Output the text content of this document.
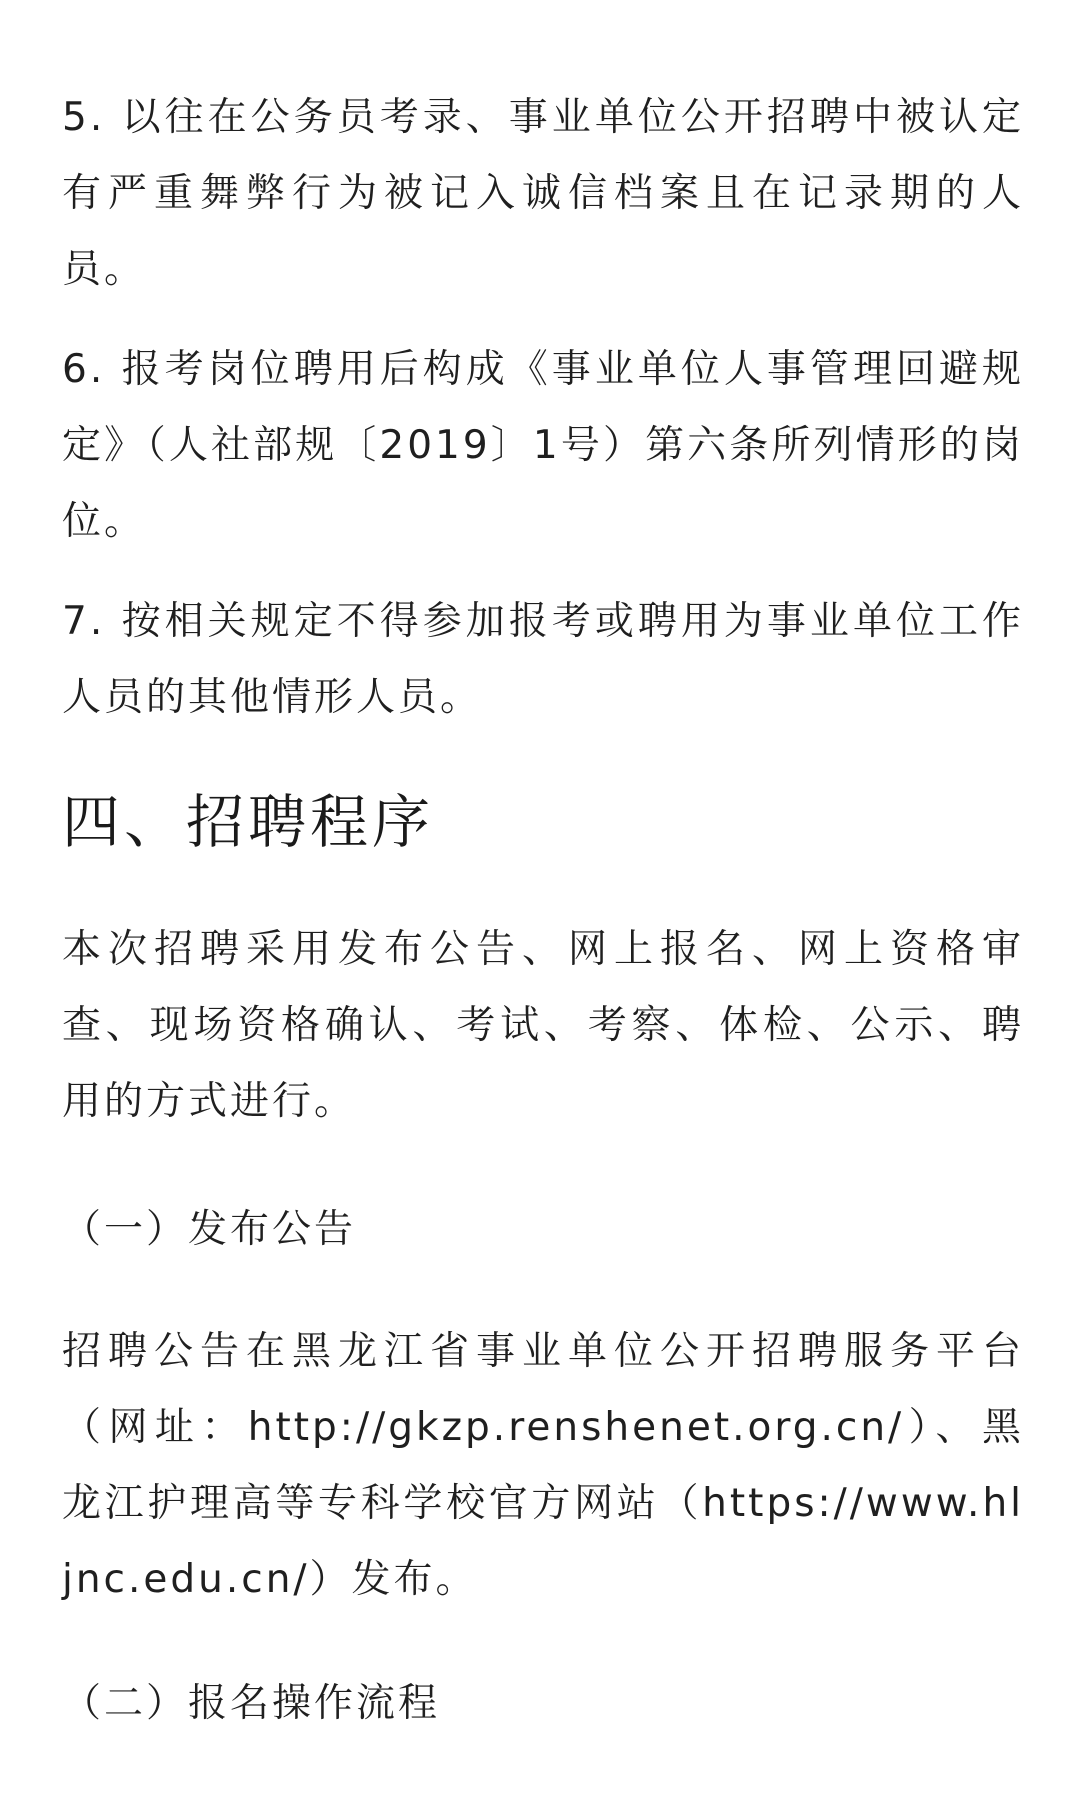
5. 以往在公务员考录、事业单位公开招聘中被认定有严重舞弊行为被记入诚信档案且在记录期的人员。

6. 报考岗位聘用后构成《事业单位人事管理回避规定》（人社部规〔2019〕1号）第六条所列情形的岗位。

7. 按相关规定不得参加报考或聘用为事业单位工作人员的其他情形人员。

四、招聘程序

本次招聘采用发布公告、网上报名、网上资格审查、现场资格确认、考试、考察、体检、公示、聘用的方式进行。

（一）发布公告

招聘公告在黑龙江省事业单位公开招聘服务平台（网址：http://gkzp.renshenet.org.cn/）、黑龙江护理高等专科学校官方网站（https://www.hljnc.edu.cn/）发布。

（二）报名操作流程
